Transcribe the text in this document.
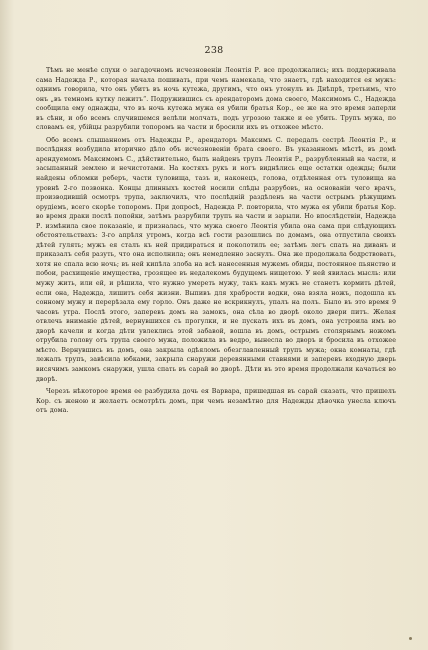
238

Тѣмъ не менѣе слухи о загадочномъ исчезновенiи Леонтiя Р. все продолжались; ихъ поддерживала сама Надежда Р., которая начала пошивать, при чемъ намекала, что знаетъ, гдѣ находится ея мужъ: однимъ говорила, что онъ убитъ въ ночь кутежа, другимъ, что онъ утонулъ въ Днѣпрѣ, третьимъ, что онъ „въ темномъ кутку лежитъ“. Подружившись съ арендаторомъ дома своего, Максимомъ С., Надежда сообщила ему однажды, что въ ночь кутежа мужа ея убили братья Кор., ее же на это время заперли въ сѣни, и обо всемъ случившемся велѣли молчать, подъ угрозою также и ее убить. Трупъ мужа, по словамъ ея, убiйцы разрубили топоромъ на части и бросили ихъ въ отхожее мѣсто.

Обо всемъ слышанномъ отъ Надежды Р., арендаторъ Максимъ С. передалъ сестрѣ Леонтiя Р., и послѣдняя возбудила вторично дѣло объ исчезновенiи брата своего. Въ указанномъ мѣстѣ, въ домѣ арендуемомъ Максимомъ С., дѣйствительно, былъ найденъ трупъ Леонтiя Р., разрубленный на части, и засыпанный землею и нечистотами. На костяхъ рукъ и ногъ виднѣлись еще остатки одежды; были найдены обломки реберъ, части туловища, тазъ и, наконецъ, голова, отдѣленная отъ туловища на уровнѣ 2-го позвонка. Концы длинныхъ костей носили слѣды разрубовъ, на основанiи чего врачъ, производившiй осмотръ трупа, заключилъ, что послѣднiй раздѣленъ на части острымъ рѣжущимъ орудiемъ, всего скорѣе топоромъ. При допросѣ, Надежда Р. повторила, что мужа ея убили братья Кор. во время драки послѣ попойки, затѣмъ разрубили трупъ на части и зарыли. Но впослѣдствiи, Надежда Р. измѣнила свое показанiе, и призналась, что мужа своего Леонтiя убила она сама при слѣдующихъ обстоятельствахъ: 3-го апрѣля утромъ, когда всѣ гости разошлись по домамъ, она отпустила своихъ дѣтей гулять; мужъ ея сталъ къ ней придираться и поколотилъ ее; затѣмъ легъ спать на диванъ и приказалъ себя разуть, что она исполнила; онъ немедленно заснулъ. Она же продолжала бодрствовать, хотя не спала всю ночь; въ ней кипѣла злоба на всѣ нанесенныя мужемъ обиды, постоянное пьянство и побои, расхищенiе имущества, грозящее въ недалекомъ будущемъ нищетою. У ней явилась мысль: или мужу жить, или ей, и рѣшила, что нужно умереть мужу, такъ какъ мужъ не станетъ кормить дѣтей, если она, Надежда, лишитъ себя жизни. Выпивъ для храбрости водки, она взяла ножъ, подошла къ сонному мужу и перерѣзала ему горло. Онъ даже не вскрикнулъ, упалъ на полъ. Было въ это время 9 часовъ утра. Послѣ этого, заперевъ домъ на замокъ, она сѣла во дворѣ около двери питъ. Желая отвлечь вниманiе дѣтей, вернувшихся съ прогулки, и не пускать ихъ въ домъ, она устроила имъ во дворѣ качели и когда дѣти увлеклись этой забавой, вошла въ домъ, острымъ столярнымъ ножомъ отрубила голову отъ трупа своего мужа, положила въ ведро, вынесла во дворъ и бросила въ отхожее мѣсто. Вернувшись въ домъ, она закрыла одѣяломъ обезглавленный трупъ мужа; окна комнаты, гдѣ лежалъ трупъ, завѣсила юбками, закрыла снаружи деревянными ставнями и заперевъ входную дверь висячимъ замкомъ снаружи, ушла спать въ сарай во дворѣ. Дѣти въ это время продолжали качаться во дворѣ.

Черезъ нѣкоторое время ее разбудила дочь ея Варвара, пришедшая въ сарай сказать, что пришелъ Кор. съ женою и желаетъ осмотрѣть домъ, при чемъ незамѣтно для Надежды дѣвочка унесла ключъ отъ дома.
